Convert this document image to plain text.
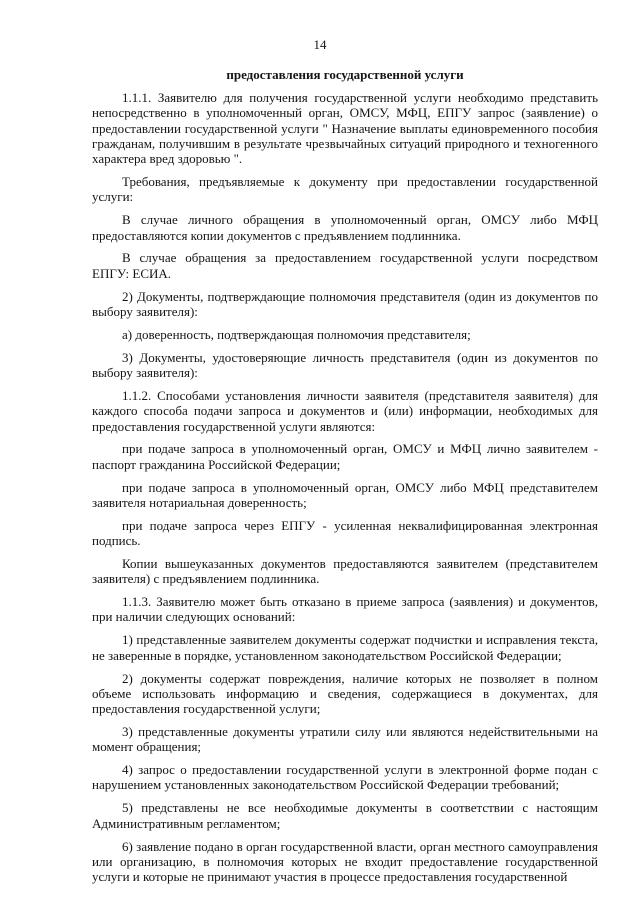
14
предоставления государственной услуги

1.1.1. Заявителю для получения государственной услуги необходимо представить непосредственно в уполномоченный орган, ОМСУ, МФЦ, ЕПГУ запрос (заявление) о предоставлении государственной услуги " Назначение выплаты единовременного пособия гражданам, получившим в результате чрезвычайных ситуаций природного и техногенного характера вред здоровью ".

Требования, предъявляемые к документу при предоставлении государственной услуги:

В случае личного обращения в уполномоченный орган, ОМСУ либо МФЦ предоставляются копии документов с предъявлением подлинника.

В случае обращения за предоставлением государственной услуги посредством ЕПГУ: ЕСИА.

2) Документы, подтверждающие полномочия представителя (один из документов по выбору заявителя):

а) доверенность, подтверждающая полномочия представителя;

3) Документы, удостоверяющие личность представителя (один из документов по выбору заявителя):

1.1.2. Способами установления личности заявителя (представителя заявителя) для каждого способа подачи запроса и документов и (или) информации, необходимых для предоставления государственной услуги являются:

при подаче запроса в уполномоченный орган, ОМСУ и МФЦ лично заявителем - паспорт гражданина Российской Федерации;

при подаче запроса в уполномоченный орган, ОМСУ либо МФЦ представителем заявителя нотариальная доверенность;

при подаче запроса через ЕПГУ - усиленная неквалифицированная электронная подпись.

Копии вышеуказанных документов предоставляются заявителем (представителем заявителя) с предъявлением подлинника.

1.1.3. Заявителю может быть отказано в приеме запроса (заявления) и документов, при наличии следующих оснований:

1) представленные заявителем документы содержат подчистки и исправления текста, не заверенные в порядке, установленном законодательством Российской Федерации;

2) документы содержат повреждения, наличие которых не позволяет в полном объеме использовать информацию и сведения, содержащиеся в документах, для предоставления государственной услуги;

3) представленные документы утратили силу или являются недействительными на момент обращения;

4) запрос о предоставлении государственной услуги в электронной форме подан с нарушением установленных законодательством Российской Федерации требований;

5) представлены не все необходимые документы в соответствии с настоящим Административным регламентом;

6) заявление подано в орган государственной власти, орган местного самоуправления или организацию, в полномочия которых не входит предоставление государственной услуги и которые не принимают участия в процессе предоставления государственной
